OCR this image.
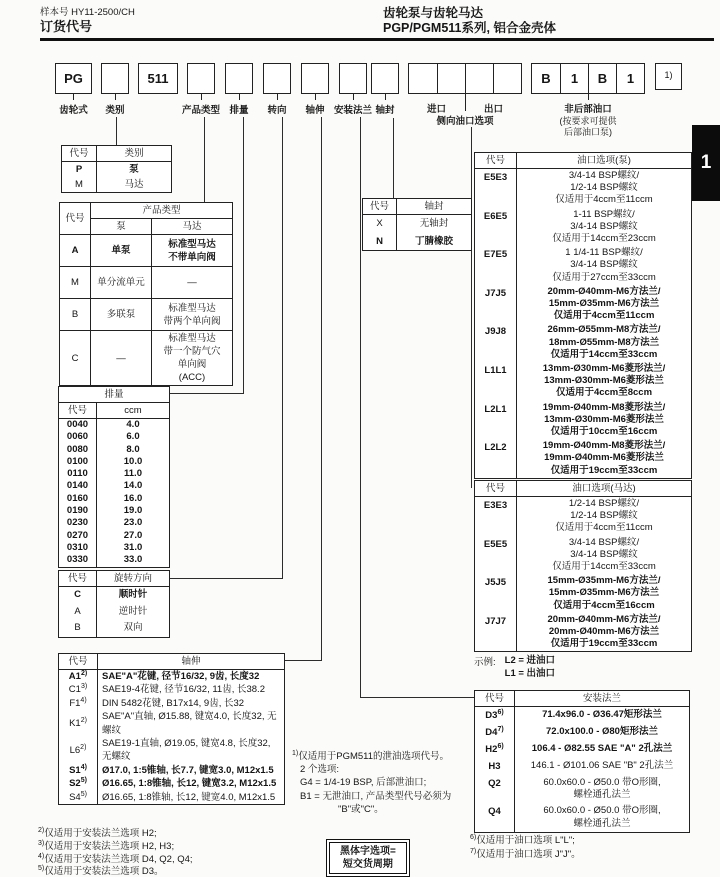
样本号 HY11-2500/CH
订货代号
齿轮泵与齿轮马达
PGP/PGM511系列, 铝合金壳体
1
PG
齿轮式 类别
511
产品类型 排量 转向 轴伸 安装法兰 轴封	进口	出口
侧向油口选项
B	1	B	1
非后部油口
(按要求可提供
后部油口泵)
1)
代号	类别
P	泵
M	马达
代号	产品类型	
	泵	马达
A	单泵	标准型马达
不带单向阀
M	单分流单元	—
B	多联泵	标准型马达
带两个单向阀
C	—	标准型马达
带一个防气穴
单向阀
(ACC)
排量	
代号	ccm
0040	4.0
0060	6.0
0080	8.0
0100	10.0
0110	11.0
0140	14.0
0160	16.0
0190	19.0
0230	23.0
0270	27.0
0310	31.0
0330	33.0
代号	旋转方向
C	顺时针
A	逆时针
B	双向
代号	轴伸
A1$^{2)}$	SAE"A"花键, 径节16/32, 9齿, 长度32
C1$^{3)}$	SAE19-4花键, 径节16/32, 11齿, 长38.2
F1$^{4)}$	DIN 5482花键, B17x14, 9齿, 长32
K1$^{2)}$	SAE"A"直轴, Ø15.88, 键宽4.0, 长度32, 无螺纹
L6$^{2)}$	SAE19-1直轴, Ø19.05, 键宽4.8, 长度32, 无螺纹
S1$^{4)}$	Ø17.0, 1:5锥轴, 长7.7, 键宽3.0, M12x1.5
S2$^{5)}$	Ø16.65, 1:8锥轴, 长12, 键宽3.2, M12x1.5
S4$^{5)}$	Ø16.65, 1:8锥轴, 长12, 键宽4.0, M12x1.5
代号	轴封
X	无轴封
N	丁腈橡胶
代号	油口选项(泵)
E5E3	3/4-14 BSP螺纹/
1/2-14 BSP螺纹
仅适用于4ccm至11ccm

E6E5	1-11 BSP螺纹/
3/4-14 BSP螺纹
仅适用于14ccm至23ccm

E7E5	1 1/4-11 BSP螺纹/
3/4-14 BSP螺纹
仅适用于27ccm至33ccm

J7J5	20mm-Ø40mm-M6方法兰/
15mm-Ø35mm-M6方法兰
仅适用于4ccm至11ccm

J9J8	26mm-Ø55mm-M8方法兰/
18mm-Ø55mm-M8方法兰
仅适用于14ccm至33ccm

L1L1	13mm-Ø30mm-M6菱形法兰/
13mm-Ø30mm-M6菱形法兰
仅适用于4ccm至8ccm

L2L1	19mm-Ø40mm-M8菱形法兰/
13mm-Ø30mm-M6菱形法兰
仅适用于10ccm至16ccm

L2L2	19mm-Ø40mm-M8菱形法兰/
19mm-Ø40mm-M6菱形法兰
仅适用于19ccm至33ccm
代号	油口选项(马达)
E3E3	1/2-14 BSP螺纹/
1/2-14 BSP螺纹
仅适用于4ccm至11ccm

E5E5	3/4-14 BSP螺纹/
3/4-14 BSP螺纹
仅适用于14ccm至33ccm

J5J5	15mm-Ø35mm-M6方法兰/
15mm-Ø35mm-M6方法兰
仅适用于4ccm至16ccm

J7J7	20mm-Ø40mm-M6方法兰/
20mm-Ø40mm-M6方法兰
仅适用于19ccm至33ccm
代号	安装法兰
D3$^{6)}$	71.4x96.0 - Ø36.47矩形法兰

D4$^{7)}$	72.0x100.0 - Ø80矩形法兰

H2$^{6)}$	106.4 - Ø82.55 SAE "A" 2孔法兰

H3	146.1 - Ø101.06 SAE "B" 2孔法兰

Q2	60.0x60.0 - Ø50.0 带O形圈,
螺栓通孔法兰

Q4	60.0x60.0 - Ø50.0 带O形圈,
螺栓通孔法兰
示例: L2 = 进油口
L1 = 出油口
$^{1)}$仅适用于PGM511的泄油选项代号。
2 个选项:
G4 = 1/4-19 BSP, 后部泄油口;
B1 = 无泄油口, 产品类型代号必须为
"B"或"C"。
$^{2)}$仅适用于安装法兰选项 H2;
$^{3)}$仅适用于安装法兰选项 H2, H3;
$^{4)}$仅适用于安装法兰选项 D4, Q2, Q4;
$^{5)}$仅适用于安装法兰选项 D3。
$^{6)}$仅适用于油口选项 L"L";
$^{7)}$仅适用于油口选项 J"J"。
黑体字选项=
短交货周期
